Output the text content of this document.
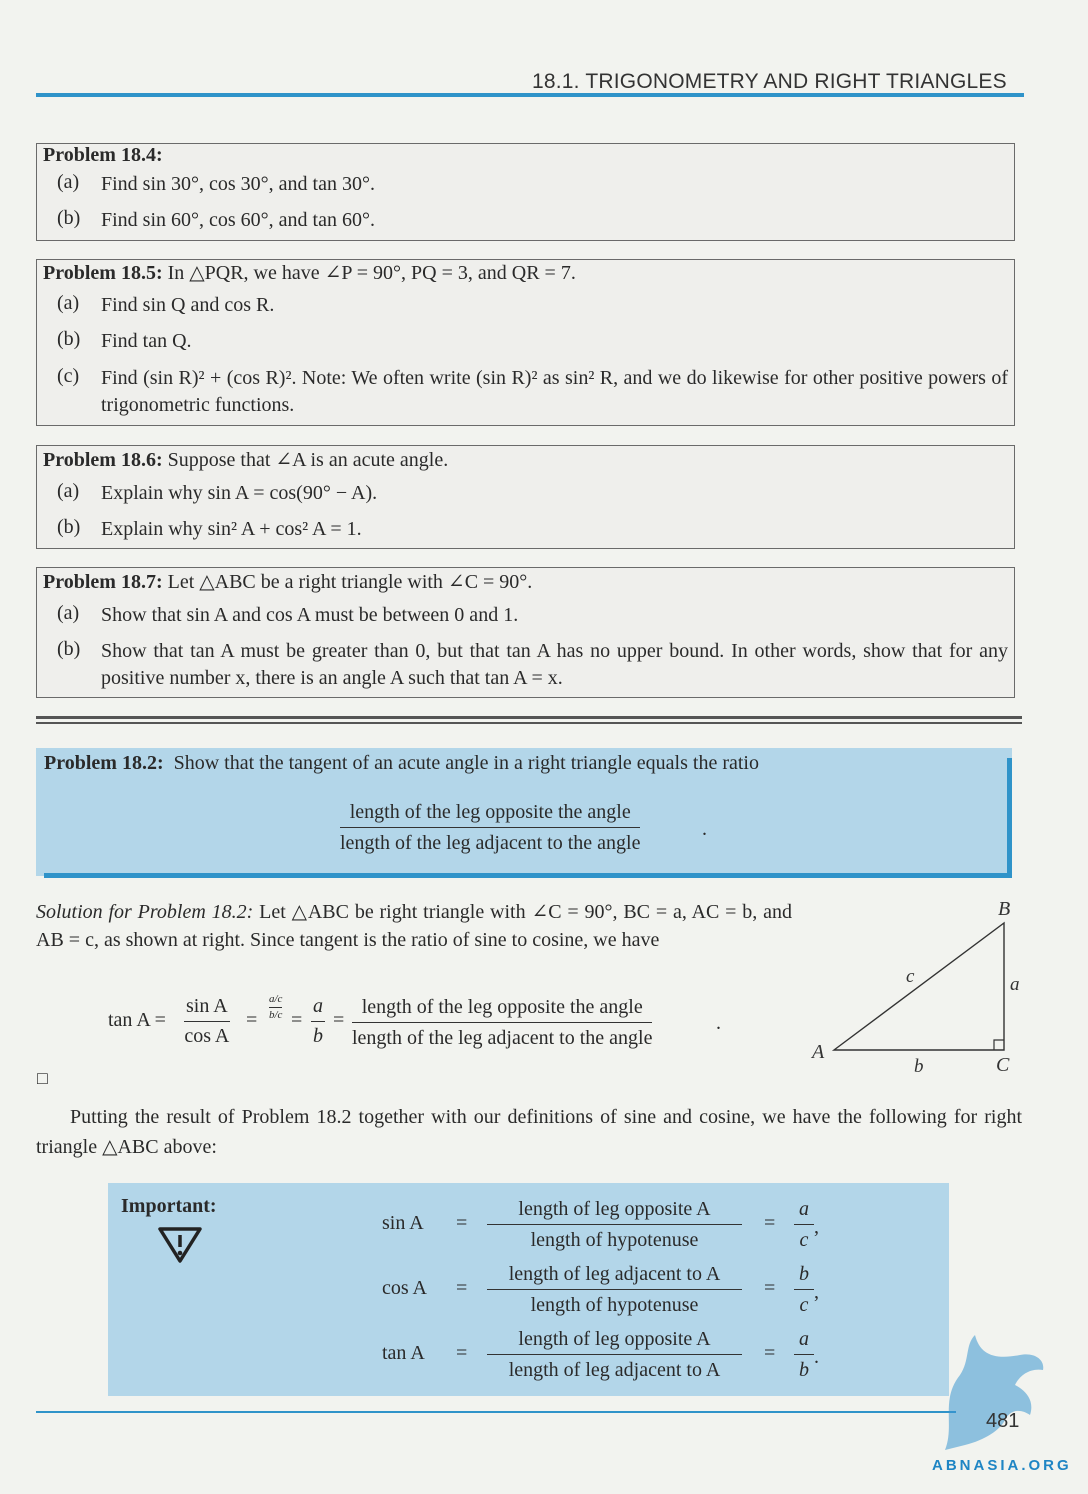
18.1. TRIGONOMETRY AND RIGHT TRIANGLES
Problem 18.4:
(a) Find sin 30°, cos 30°, and tan 30°.
(b) Find sin 60°, cos 60°, and tan 60°.
Problem 18.5: In △PQR, we have ∠P = 90°, PQ = 3, and QR = 7.
(a) Find sin Q and cos R.
(b) Find tan Q.
(c) Find (sin R)² + (cos R)². Note: We often write (sin R)² as sin² R, and we do likewise for other positive powers of trigonometric functions.
Problem 18.6: Suppose that ∠A is an acute angle.
(a) Explain why sin A = cos(90° − A).
(b) Explain why sin² A + cos² A = 1.
Problem 18.7: Let △ABC be a right triangle with ∠C = 90°.
(a) Show that sin A and cos A must be between 0 and 1.
(b) Show that tan A must be greater than 0, but that tan A has no upper bound. In other words, show that for any positive number x, there is an angle A such that tan A = x.
Problem 18.2: Show that the tangent of an acute angle in a right triangle equals the ratio
length of the leg opposite the angle
length of the leg adjacent to the angle
.
Solution for Problem 18.2: Let △ABC be right triangle with ∠C = 90°, BC = a, AC = b, and AB = c, as shown at right. Since tangent is the ratio of sine to cosine, we have
$\tan A = \frac{\text{sin A}}{\text{cos A}} = \frac{a/c}{b/c} = \frac{a}{b}$ =
length of the leg opposite the angle
length of the leg adjacent to the angle
.
□
B
A
C
a
b
c
Putting the result of Problem 18.2 together with our definitions of sine and cosine, we have the following for right triangle △ABC above:
Important:
sin A =
length of leg opposite A
length of hypotenuse
= $\frac{a}{c}$ ,
cos A =
length of leg adjacent to A
length of hypotenuse
= $\frac{b}{c}$ ,
tan A =
length of leg opposite A
length of leg adjacent to A
= $\frac{a}{b}$ .
481
ABNASIA.ORG
